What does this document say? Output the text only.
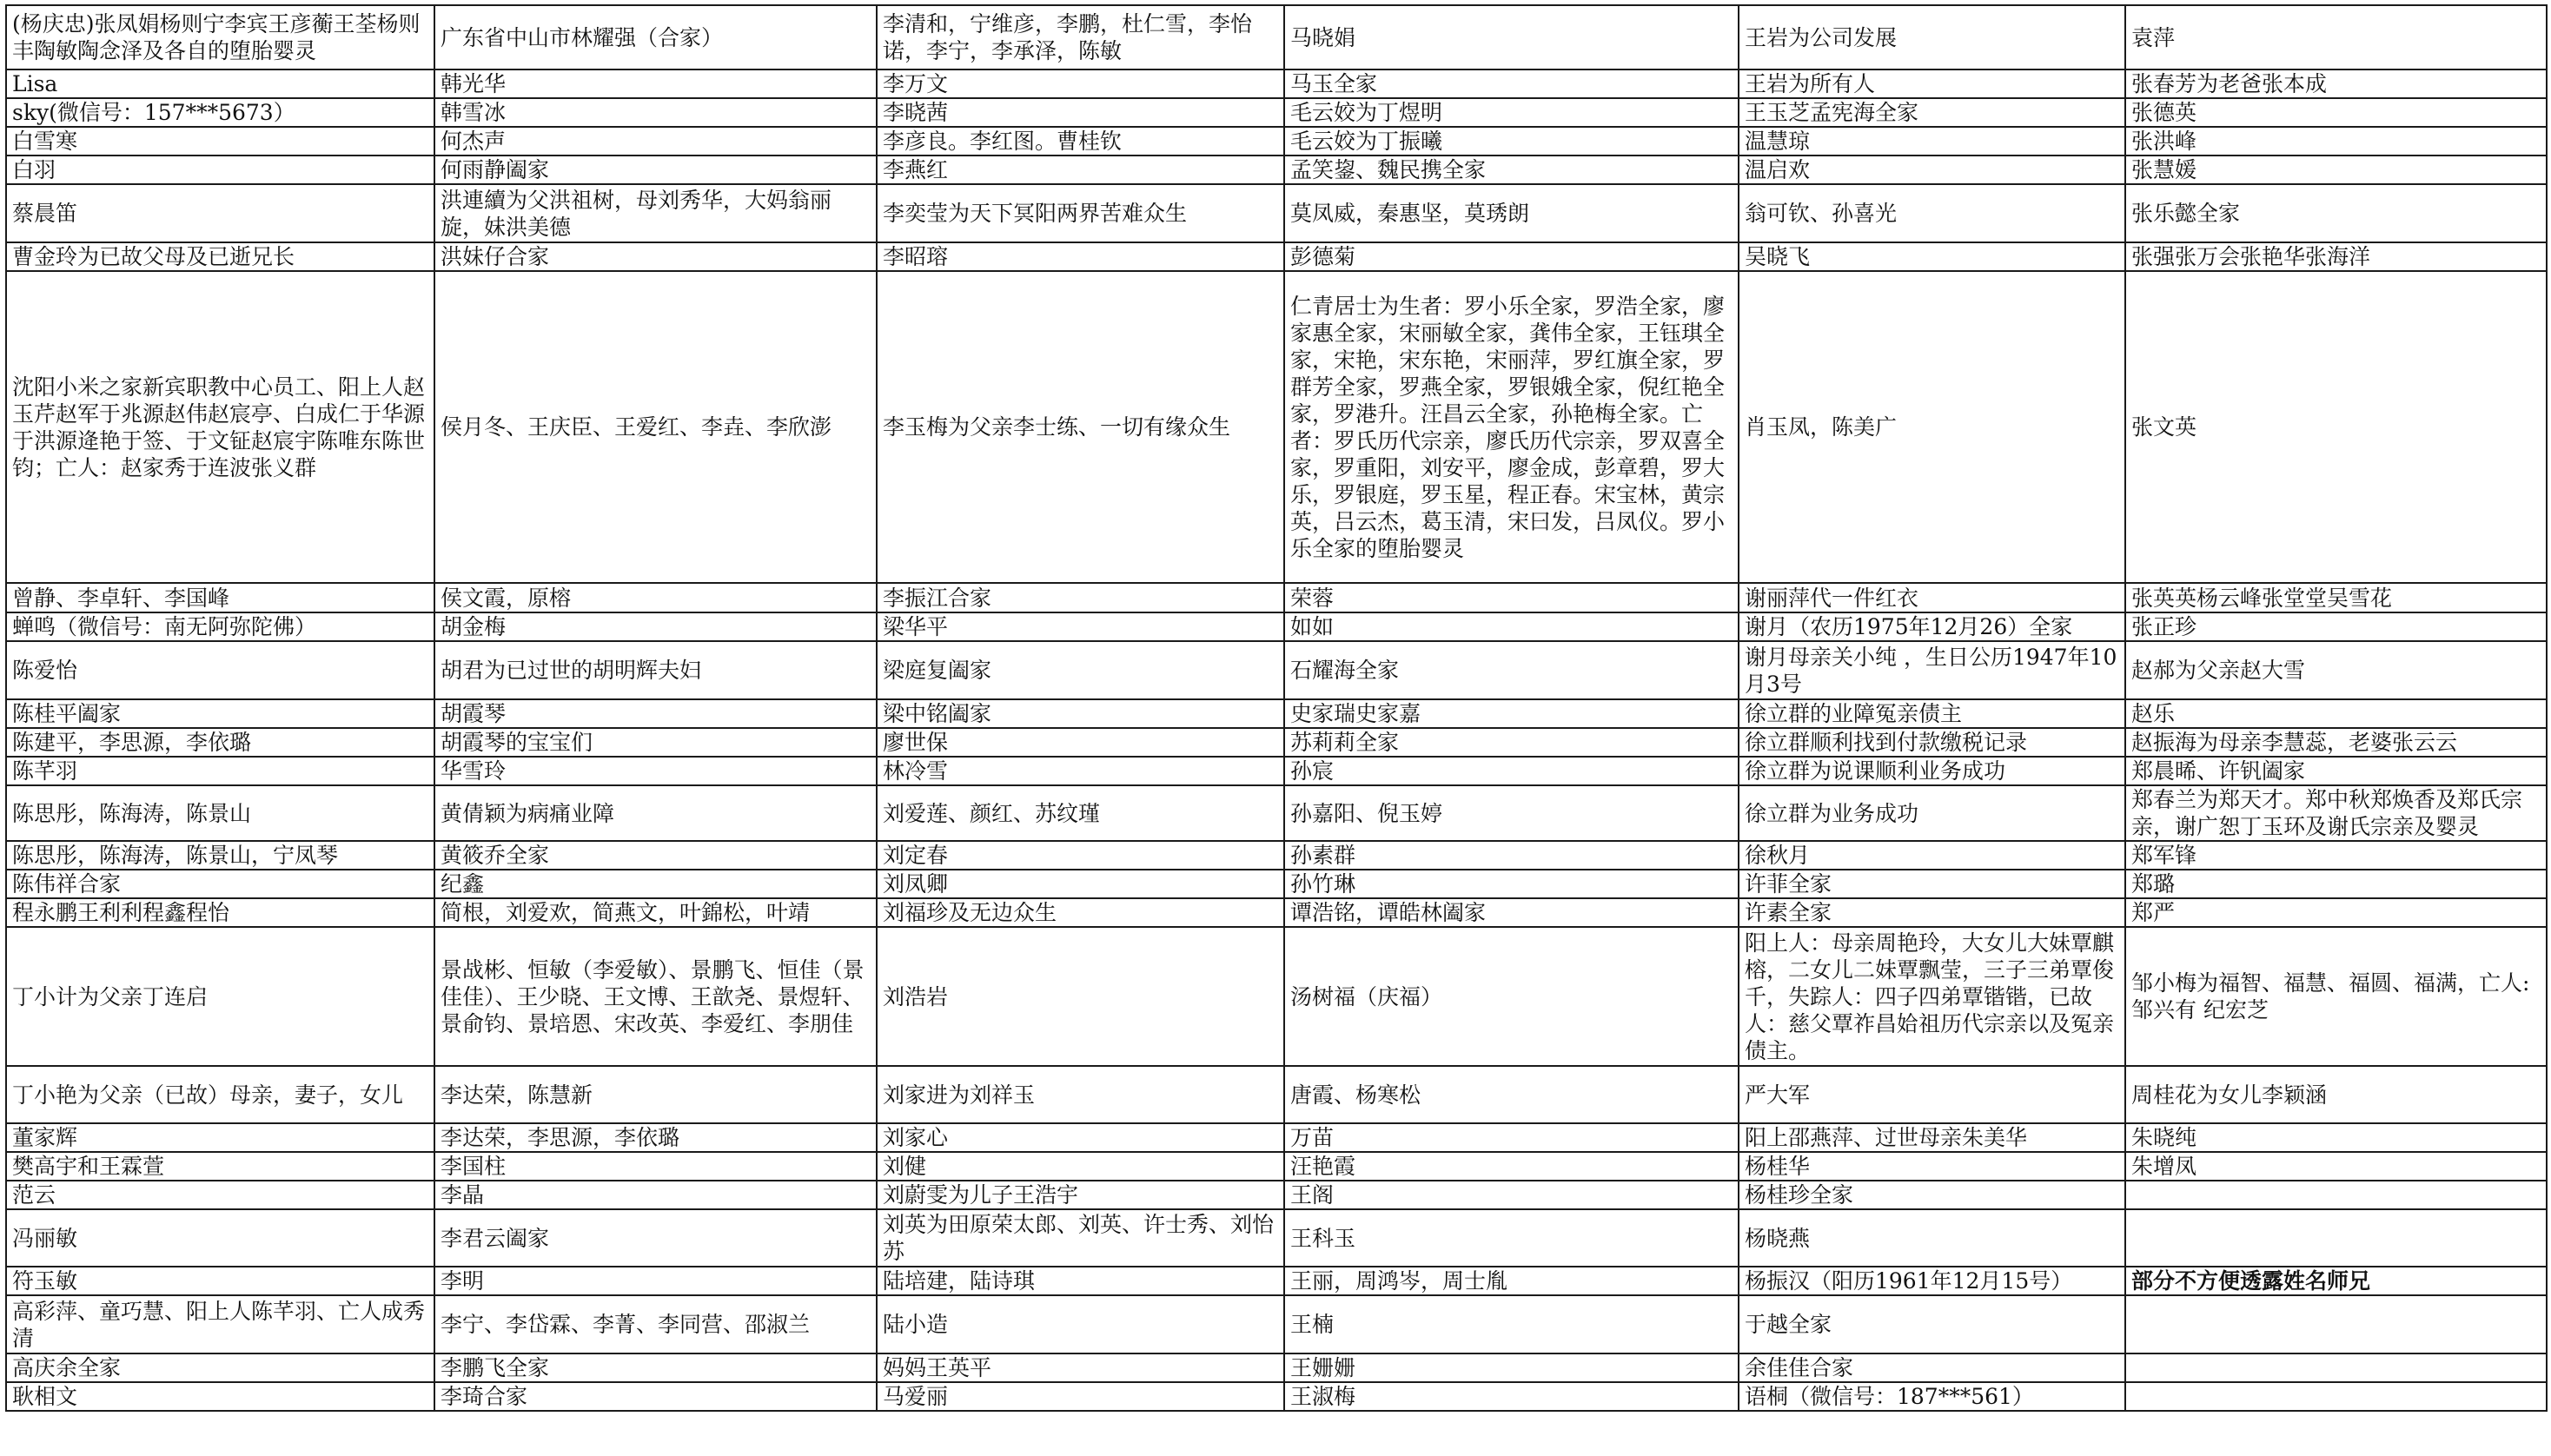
(杨庆忠)张凤娟杨则宁李宾王彦蘅王荃杨则丰陶敏陶念泽及各自的堕胎婴灵	广东省中山市林耀强（合家）	李清和，宁维彦，李鹏，杜仁雪，李怡诺，李宁，李承泽，陈敏	马晓娟	王岩为公司发展	袁萍
Lisa	韩光华	李万文	马玉全家	王岩为所有人	张春芳为老爸张本成
sky(微信号：157***5673）	韩雪冰	李晓茜	毛云姣为丁煜明	王玉芝孟宪海全家	张德英
白雪寒	何杰声	李彦良。李红图。曹桂钦	毛云姣为丁振曦	温慧琼	张洪峰
白羽	何雨静阖家	李燕红	孟笑鋆、魏民携全家	温启欢	张慧媛
蔡晨笛	洪連續为父洪祖树，母刘秀华，大妈翁丽旋，妹洪美德	李奕莹为天下冥阳两界苦难众生	莫凤威，秦惠坚，莫琇朗	翁可钦、孙喜光	张乐懿全家
曹金玲为已故父母及已逝兄长	洪妹仔合家	李昭瑢	彭德菊	吴晓飞	张强张万会张艳华张海洋
沈阳小米之家新宾职教中心员工、阳上人赵玉芹赵军于兆源赵伟赵宸亭、白成仁于华源于洪源逄艳于签、于文钲赵宸宇陈唯东陈世钧；亡人：赵家秀于连波张义群	侯月冬、王庆臣、王爱红、李垚、李欣澎	李玉梅为父亲李士练、一切有缘众生	仁青居士为生者：罗小乐全家，罗浩全家，廖家惠全家，宋丽敏全家，龚伟全家，王钰琪全家，宋艳，宋东艳，宋丽萍，罗红旗全家，罗群芳全家，罗燕全家，罗银娥全家，倪红艳全家，罗港升。汪昌云全家，孙艳梅全家。亡者：罗氏历代宗亲，廖氏历代宗亲，罗双喜全家，罗重阳，刘安平，廖金成，彭章碧，罗大乐，罗银庭，罗玉星，程正春。宋宝林，黄宗英，吕云杰，葛玉清，宋曰发，吕凤仪。罗小乐全家的堕胎婴灵	肖玉凤，陈美广	张文英
曾静、李卓轩、李国峰	侯文霞，原榕	李振江合家	荣蓉	谢丽萍代一件红衣	张英英杨云峰张堂堂吴雪花
蝉鸣（微信号：南无阿弥陀佛）	胡金梅	梁华平	如如	谢月（农历1975年12月26）全家	张正珍
陈爱怡	胡君为已过世的胡明辉夫妇	梁庭复阖家	石耀海全家	谢月母亲关小纯 ，生日公历1947年10月3号	赵郝为父亲赵大雪
陈桂平阖家	胡霞琴	梁中铭阖家	史家瑞史家嘉	徐立群的业障冤亲债主	赵乐
陈建平，李思源，李依璐	胡霞琴的宝宝们	廖世保	苏莉莉全家	徐立群顺利找到付款缴税记录	赵振海为母亲李慧蕊，老婆张云云
陈芊羽	华雪玲	林冷雪	孙宸	徐立群为说课顺利业务成功	郑晨晞、许钒阖家
陈思彤，陈海涛，陈景山	黄倩颖为病痛业障	刘爱莲、颜红、苏纹瑾	孙嘉阳、倪玉婷	徐立群为业务成功	郑春兰为郑天才。郑中秋郑焕香及郑氏宗亲，谢广恕丁玉环及谢氏宗亲及婴灵
陈思彤，陈海涛，陈景山，宁凤琴	黄筱乔全家	刘定春	孙素群	徐秋月	郑军锋
陈伟祥合家	纪鑫	刘凤卿	孙竹琳	许菲全家	郑璐
程永鹏王利利程鑫程怡	简根，刘爱欢，简燕文，叶錦松，叶靖	刘福珍及无边众生	谭浩铭，谭皓林阖家	许素全家	郑严
丁小计为父亲丁连启	景战彬、恒敏（李爱敏）、景鹏飞、恒佳（景佳佳）、王少晓、王文博、王歆尧、景煜轩、景俞钧、景培恩、宋改英、李爱红、李朋佳	刘浩岩	汤树福（庆福）	阳上人：母亲周艳玲，大女儿大妹覃麒榕，二女儿二妹覃飘莹，三子三弟覃俊千，失踪人：四子四弟覃锴锴，已故人：慈父覃祚昌姶祖历代宗亲以及冤亲债主。	邹小梅为福智、福慧、福圆、福满，亡人:邹兴有 纪宏芝
丁小艳为父亲（已故）母亲，妻子，女儿	李达荣，陈慧新	刘家进为刘祥玉	唐霞、杨寒松	严大军	周桂花为女儿李颖涵
董家辉	李达荣，李思源，李依璐	刘家心	万苗	阳上邵燕萍、过世母亲朱美华	朱晓纯
樊高宇和王霖萱	李国柱	刘健	汪艳霞	杨桂华	朱增凤
范云	李晶	刘蔚雯为儿子王浩宇	王阁	杨桂珍全家	
冯丽敏	李君云阖家	刘英为田原荣太郎、刘英、许士秀、刘怡苏	王科玉	杨晓燕	
符玉敏	李明	陆培建，陆诗琪	王丽，周鸿岑，周士胤	杨振汉（阳历1961年12月15号）	部分不方便透露姓名师兄
高彩萍、童巧慧、阳上人陈芊羽、亡人成秀清	李宁、李岱霖、李菁、李同营、邵淑兰	陆小造	王楠	于越全家	
高庆余全家	李鹏飞全家	妈妈王英平	王姗姗	余佳佳合家	
耿相文	李琦合家	马爱丽	王淑梅	语桐（微信号：187***561）	
